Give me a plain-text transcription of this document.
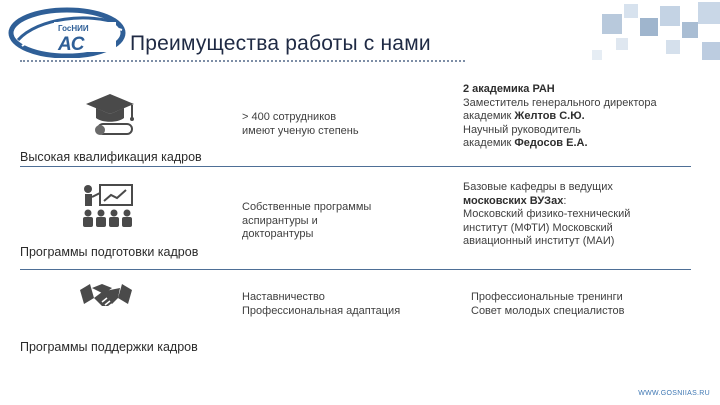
ГосНИИ
АС Преимущества работы с нами
> 400 сотрудников
имеют ученую степень
2 академика РАН
Заместитель генерального директора
академик Желтов С.Ю.
Научный руководитель
академик Федосов Е.А.
Высокая квалификация кадров
Собственные программы
аспирантуры и
докторантуры
Базовые кафедры в ведущих
московских ВУЗах:
Московский физико-технический
институт (МФТИ) Московский
авиационный институт (МАИ)
Программы подготовки кадров
Наставничество
Профессиональная адаптация
Профессиональные тренинги
Совет молодых специалистов
Программы поддержки кадров
WWW.GOSNIIAS.RU
